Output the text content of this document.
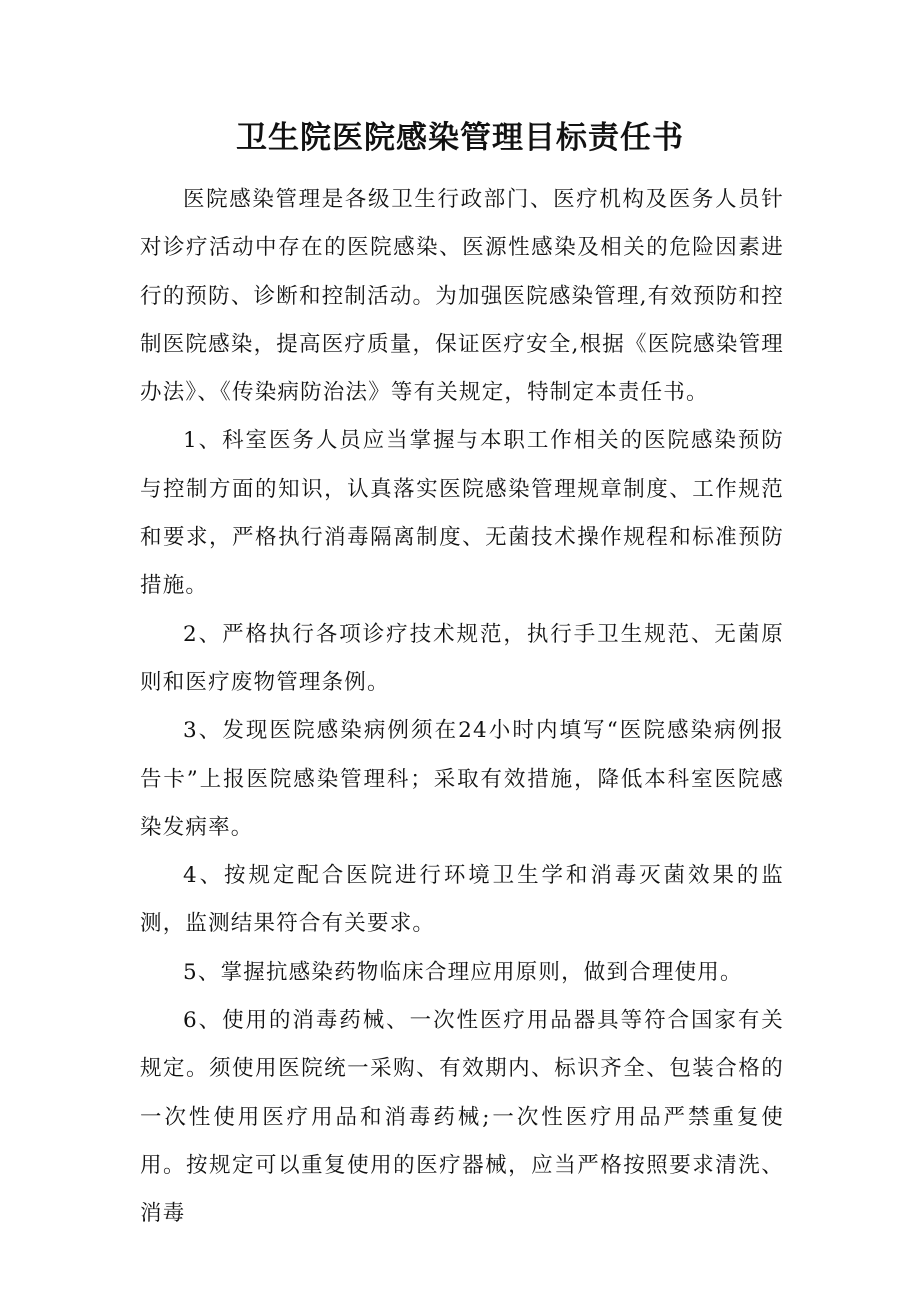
卫生院医院感染管理目标责任书

医院感染管理是各级卫生行政部门、医疗机构及医务人员针对诊疗活动中存在的医院感染、医源性感染及相关的危险因素进行的预防、诊断和控制活动。为加强医院感染管理,有效预防和控制医院感染，提高医疗质量，保证医疗安全,根据《医院感染管理办法》、《传染病防治法》等有关规定，特制定本责任书。

1、科室医务人员应当掌握与本职工作相关的医院感染预防与控制方面的知识，认真落实医院感染管理规章制度、工作规范和要求，严格执行消毒隔离制度、无菌技术操作规程和标准预防措施。

2、严格执行各项诊疗技术规范，执行手卫生规范、无菌原则和医疗废物管理条例。

3、发现医院感染病例须在24小时内填写“医院感染病例报告卡”上报医院感染管理科；采取有效措施，降低本科室医院感染发病率。

4、按规定配合医院进行环境卫生学和消毒灭菌效果的监测，监测结果符合有关要求。

5、掌握抗感染药物临床合理应用原则，做到合理使用。

6、使用的消毒药械、一次性医疗用品器具等符合国家有关规定。须使用医院统一采购、有效期内、标识齐全、包装合格的一次性使用医疗用品和消毒药械;一次性医疗用品严禁重复使用。按规定可以重复使用的医疗器械，应当严格按照要求清洗、消毒
